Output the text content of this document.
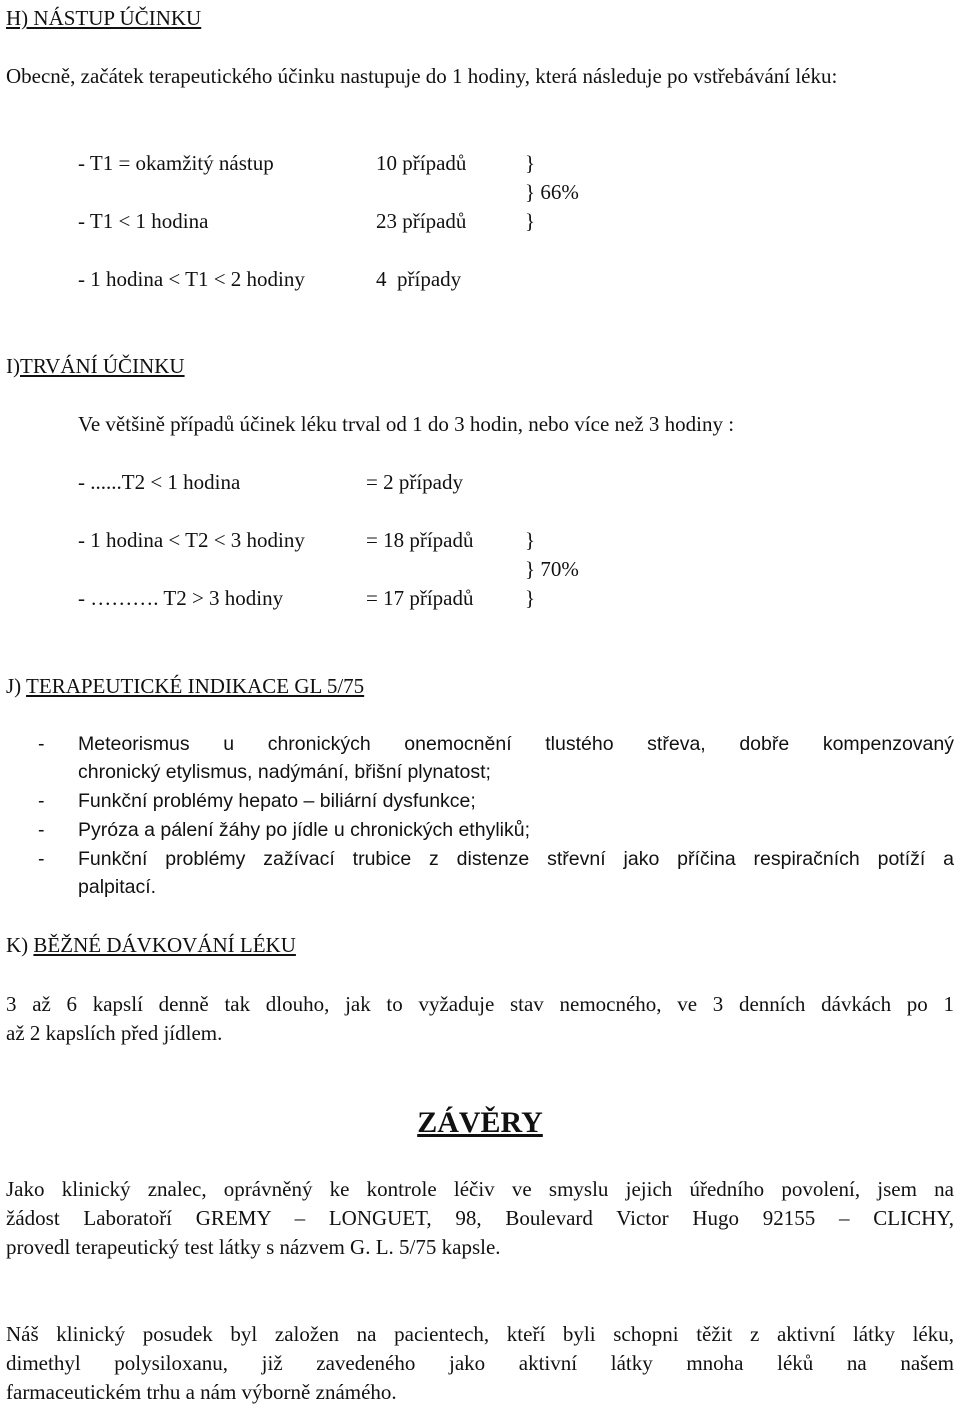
H) NÁSTUP ÚČINKU
Obecně, začátek terapeutického účinku nastupuje do 1 hodiny, která následuje po vstřebávání léku:
- T1 = okamžitý nástup	10 případů	}
} 66%
- T1 < 1 hodina	23 případů	}
- 1 hodina < T1 < 2 hodiny	4  případy
I)TRVÁNÍ ÚČINKU
Ve většině případů účinek léku trval od 1 do 3 hodin, nebo více než 3 hodiny :
- ......T2 < 1 hodina	= 2 případy
- 1 hodina < T2 < 3 hodiny	= 18 případů }
} 70%
- ………. T2 > 3 hodiny	= 17 případů }
J) TERAPEUTICKÉ INDIKACE GL 5/75
- Meteorismus u chronických onemocnění tlustého střeva, dobře kompenzovaný
chronický etylismus, nadýmání, břišní plynatost;
- Funkční problémy hepato – biliární dysfunkce;
- Pyróza a pálení žáhy po jídle u chronických ethyliků;
- Funkční problémy zažívací trubice z distenze střevní jako příčina respiračních potíží a
palpitací.
K) BĚŽNÉ DÁVKOVÁNÍ LÉKU
3 až 6 kapslí denně tak dlouho, jak to vyžaduje stav nemocného, ve 3 denních dávkách po 1
až 2 kapslích před jídlem.
ZÁVĚRY
Jako klinický znalec, oprávněný ke kontrole léčiv ve smyslu jejich úředního povolení, jsem na
žádost Laboratoří GREMY – LONGUET, 98, Boulevard Victor Hugo 92155 – CLICHY,
provedl terapeutický test látky s názvem G. L. 5/75 kapsle.
Náš klinický posudek byl založen na pacientech, kteří byli schopni těžit z aktivní látky léku,
dimethyl polysiloxanu, již zavedeného jako aktivní látky mnoha léků na našem
farmaceutickém trhu a nám výborně známého.
